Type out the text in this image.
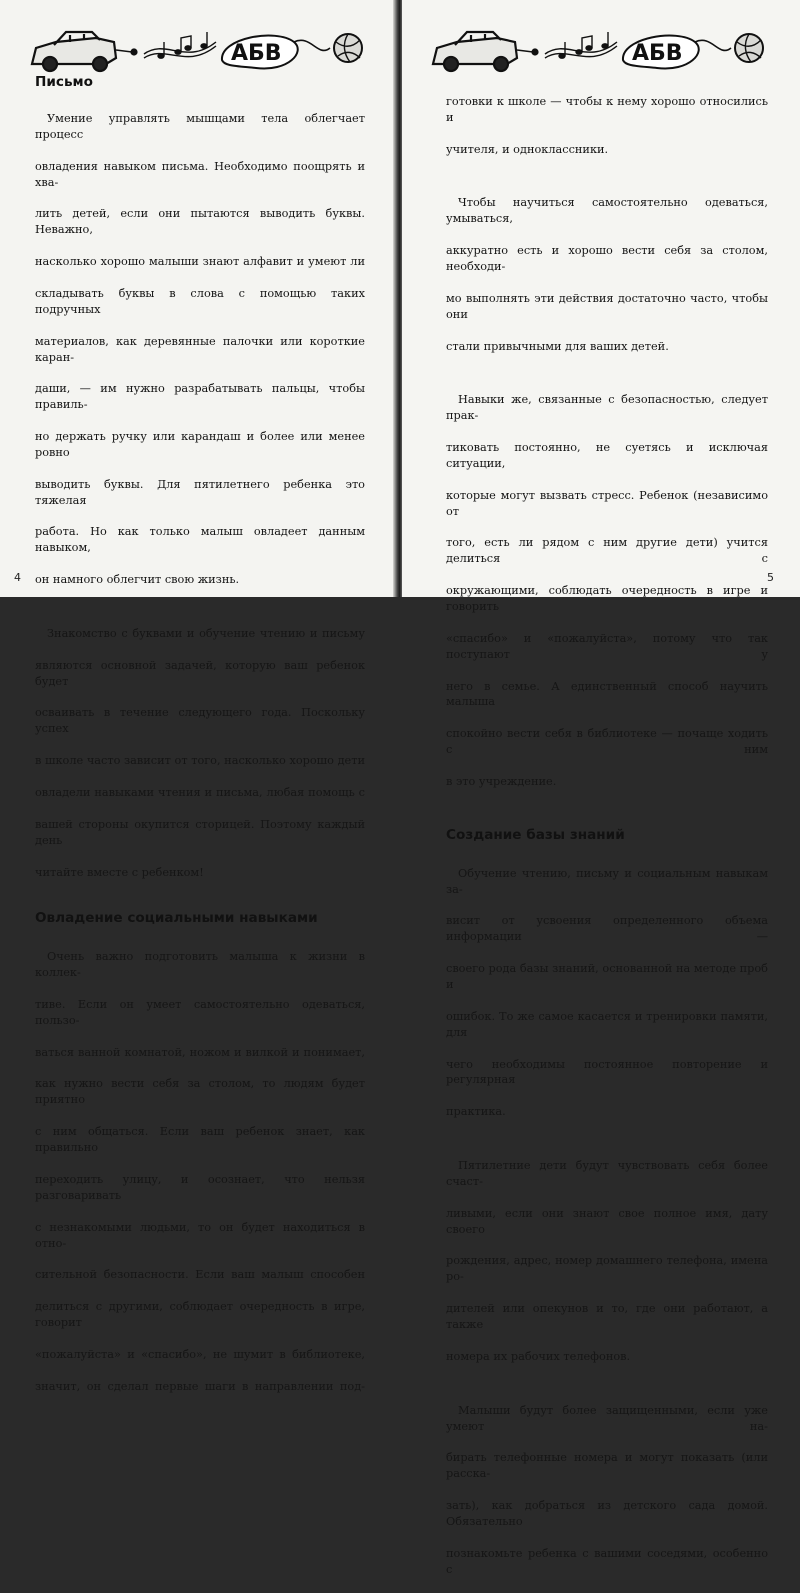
АБВ
Письмо

Умение управлять мышцами тела облегчает процесс

овладения навыком письма. Необходимо поощрять и хва-

лить детей, если они пытаются выводить буквы. Неважно,

насколько хорошо малыши знают алфавит и умеют ли

складывать буквы в слова с помощью таких подручных

материалов, как деревянные палочки или короткие каран-

даши, — им нужно разрабатывать пальцы, чтобы правиль-

но держать ручку или карандаш и более или менее ровно

выводить буквы. Для пятилетнего ребенка это тяжелая

работа. Но как только малыш овладеет данным навыком,

он намного облегчит свою жизнь.

Знакомство с буквами и обучение чтению и письму

являются основной задачей, которую ваш ребенок будет

осваивать в течение следующего года. Поскольку успех

в школе часто зависит от того, насколько хорошо дети

овладели навыками чтения и письма, любая помощь с

вашей стороны окупится сторицей. Поэтому каждый день

читайте вместе с ребенком!

Овладение социальными навыками

Очень важно подготовить малыша к жизни в коллек-

тиве. Если он умеет самостоятельно одеваться, пользо-

ваться ванной комнатой, ножом и вилкой и понимает,

как нужно вести себя за столом, то людям будет приятно

с ним общаться. Если ваш ребенок знает, как правильно

переходить улицу, и осознает, что нельзя разговаривать

с незнакомыми людьми, то он будет находиться в отно-

сительной безопасности. Если ваш малыш способен

делиться с другими, соблюдает очередность в игре, говорит

«пожалуйста» и «спасибо», не шумит в библиотеке,

значит, он сделал первые шаги в направлении под-

4
АБВ

готовки к школе — чтобы к нему хорошо относились и

учителя, и одноклассники.

Чтобы научиться самостоятельно одеваться, умываться,

аккуратно есть и хорошо вести себя за столом, необходи-

мо выполнять эти действия достаточно часто, чтобы они

стали привычными для ваших детей.

Навыки же, связанные с безопасностью, следует прак-

тиковать постоянно, не суетясь и исключая ситуации,

которые могут вызвать стресс. Ребенок (независимо от

того, есть ли рядом с ним другие дети) учится делиться с

окружающими, соблюдать очередность в игре и говорить

«спасибо» и «пожалуйста», потому что так поступают у

него в семье. А единственный способ научить малыша

спокойно вести себя в библиотеке — почаще ходить с ним

в это учреждение.

Создание базы знаний

Обучение чтению, письму и социальным навыкам за-

висит от усвоения определенного объема информации —

своего рода базы знаний, основанной на методе проб и

ошибок. То же самое касается и тренировки памяти, для

чего необходимы постоянное повторение и регулярная

практика.

Пятилетние дети будут чувствовать себя более счаст-

ливыми, если они знают свое полное имя, дату своего

рождения, адрес, номер домашнего телефона, имена ро-

дителей или опекунов и то, где они работают, а также

номера их рабочих телефонов.

Малыши будут более защищенными, если уже умеют на-

бирать телефонные номера и могут показать (или расска-

зать), как добраться из детского сада домой. Обязательно

познакомьте ребенка с вашими соседями, особенно с

5
